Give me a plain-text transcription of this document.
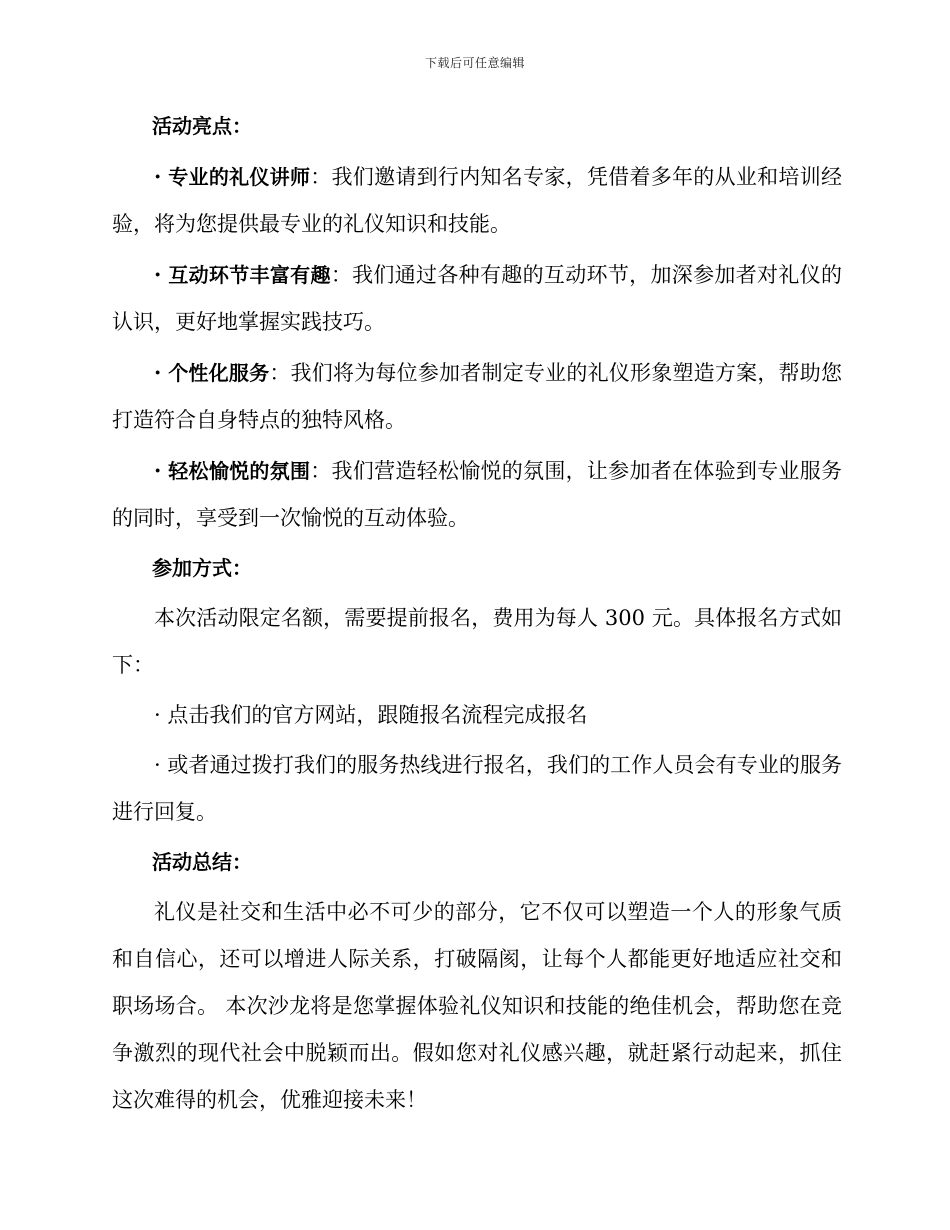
下载后可任意编辑

活动亮点：

· 专业的礼仪讲师：我们邀请到行内知名专家，凭借着多年的从业和培训经验，将为您提供最专业的礼仪知识和技能。

· 互动环节丰富有趣：我们通过各种有趣的互动环节，加深参加者对礼仪的认识，更好地掌握实践技巧。

· 个性化服务：我们将为每位参加者制定专业的礼仪形象塑造方案，帮助您打造符合自身特点的独特风格。

· 轻松愉悦的氛围：我们营造轻松愉悦的氛围，让参加者在体验到专业服务的同时，享受到一次愉悦的互动体验。

参加方式：

本次活动限定名额，需要提前报名，费用为每人 300 元。具体报名方式如下：

· 点击我们的官方网站，跟随报名流程完成报名

· 或者通过拨打我们的服务热线进行报名，我们的工作人员会有专业的服务进行回复。

活动总结：

礼仪是社交和生活中必不可少的部分，它不仅可以塑造一个人的形象气质和自信心，还可以增进人际关系，打破隔阂，让每个人都能更好地适应社交和职场场合。 本次沙龙将是您掌握体验礼仪知识和技能的绝佳机会，帮助您在竞争激烈的现代社会中脱颖而出。假如您对礼仪感兴趣，就赶紧行动起来，抓住这次难得的机会，优雅迎接未来！
